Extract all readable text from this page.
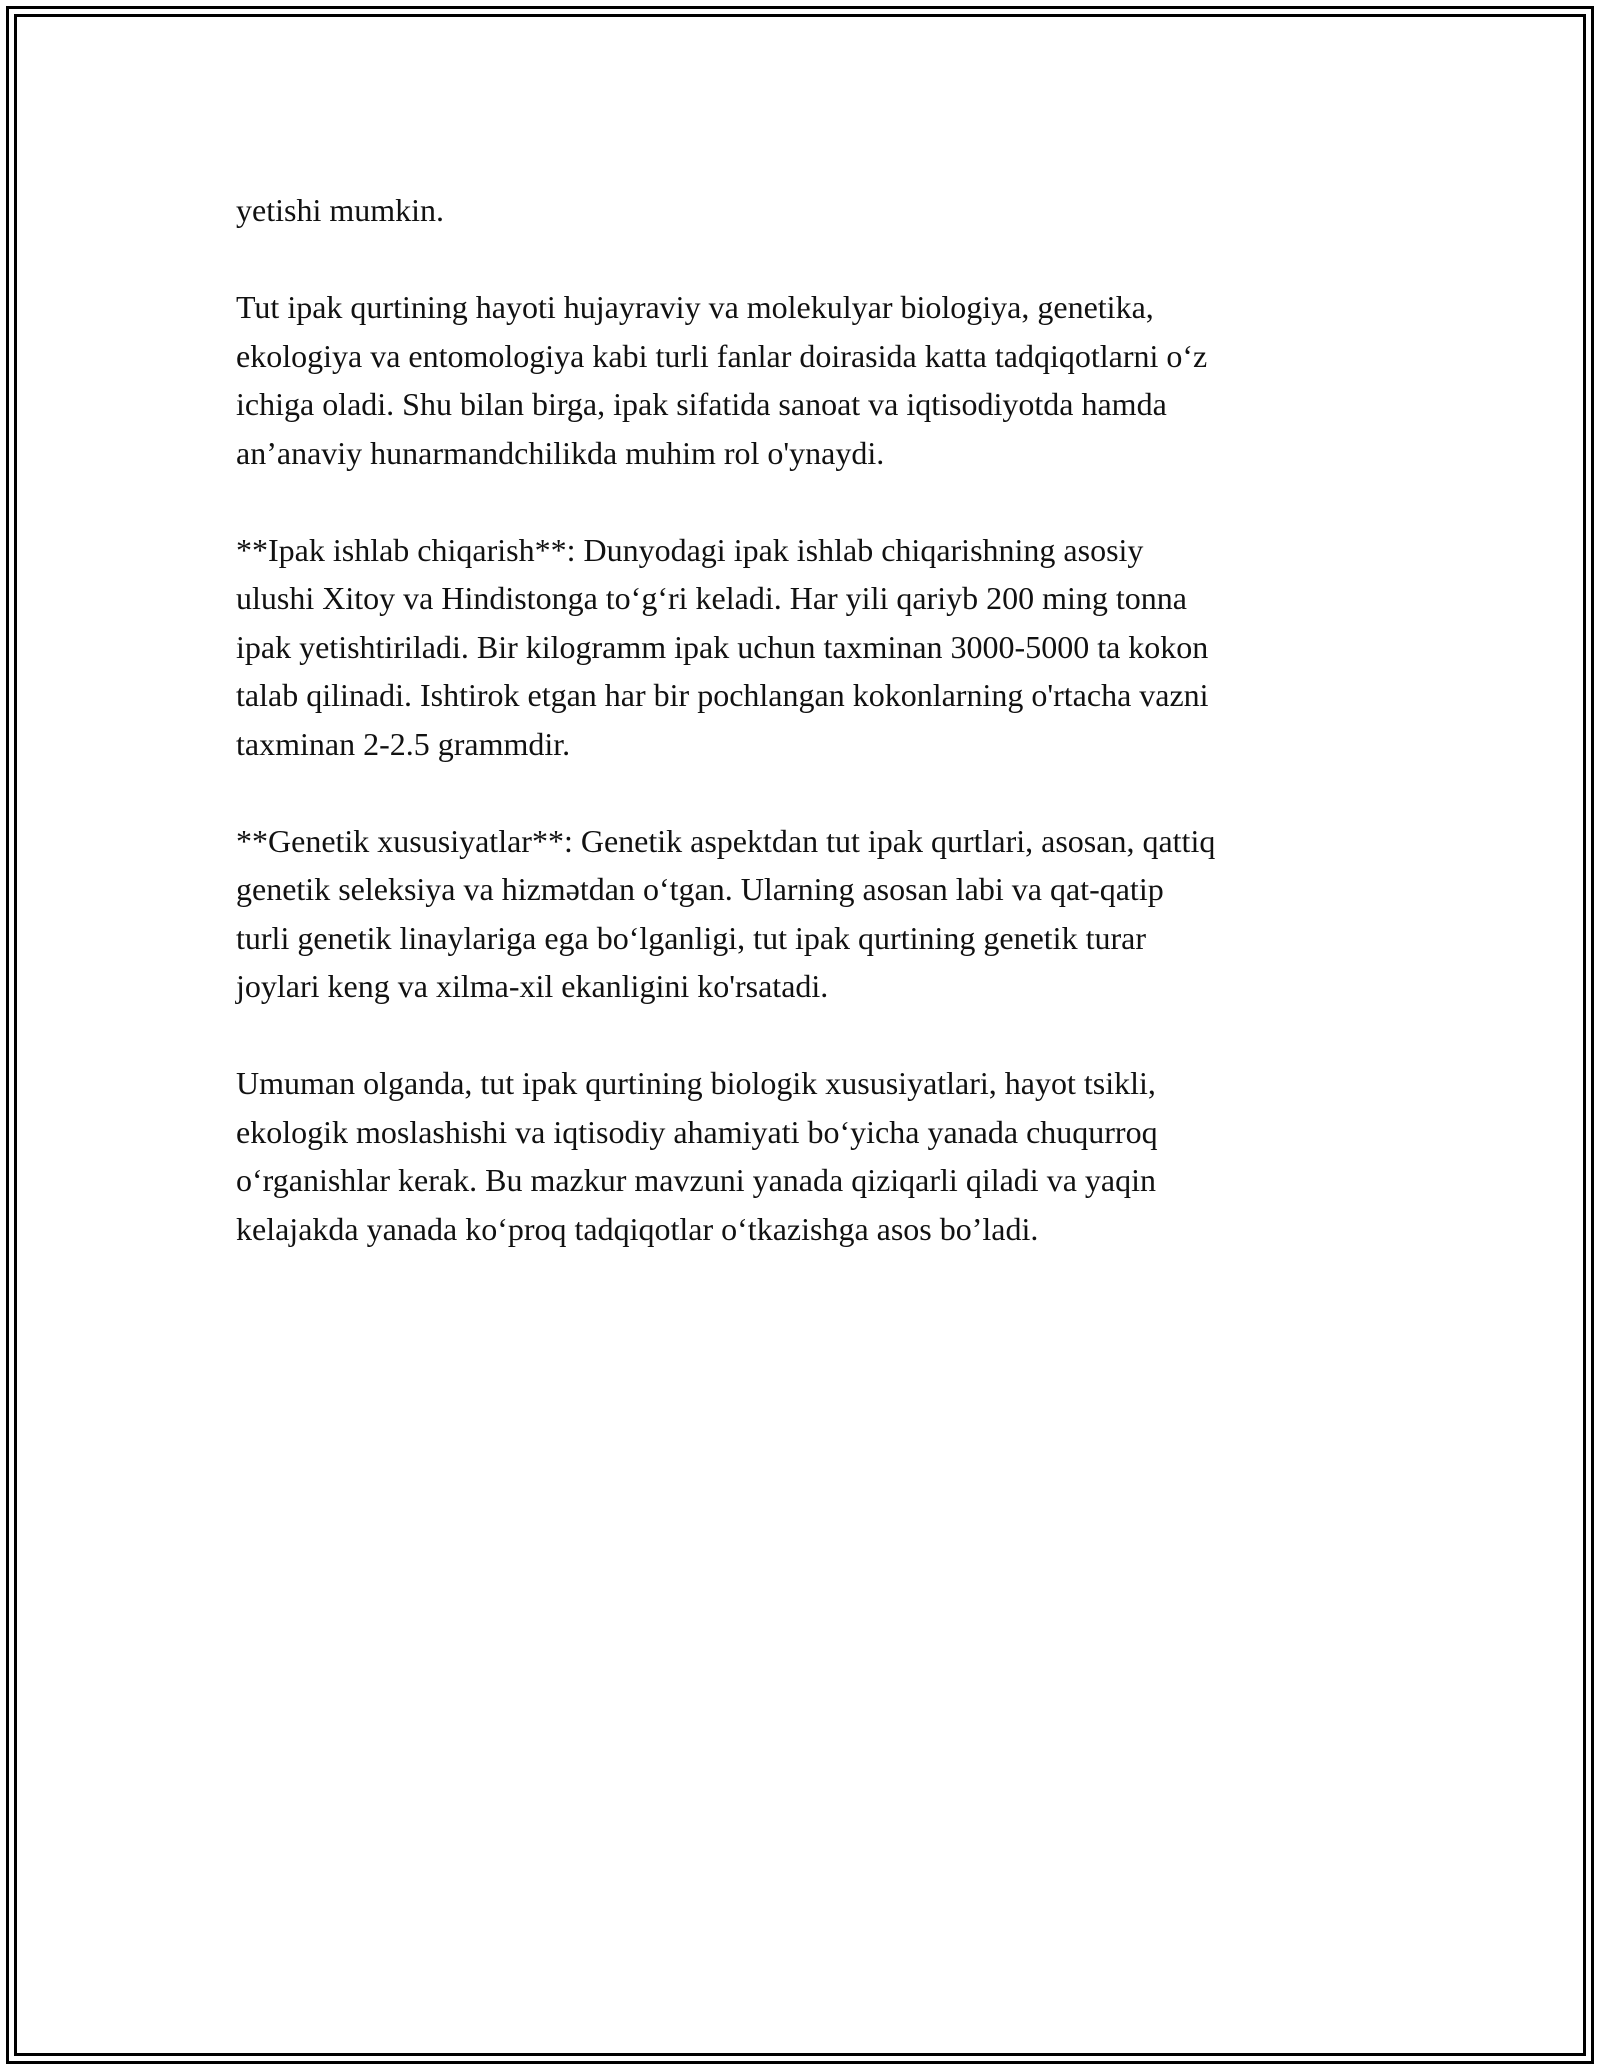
yetishi mumkin.

Tut ipak qurtining hayoti hujayraviy va molekulyar biologiya, genetika,
ekologiya va entomologiya kabi turli fanlar doirasida katta tadqiqotlarni o‘z
ichiga oladi. Shu bilan birga, ipak sifatida sanoat va iqtisodiyotda hamda
an’anaviy hunarmandchilikda muhim rol o'ynaydi.

**Ipak ishlab chiqarish**: Dunyodagi ipak ishlab chiqarishning asosiy
ulushi Xitoy va Hindistonga to‘g‘ri keladi. Har yili qariyb 200 ming tonna
ipak yetishtiriladi. Bir kilogramm ipak uchun taxminan 3000-5000 ta kokon
talab qilinadi. Ishtirok etgan har bir pochlangan kokonlarning o'rtacha vazni
taxminan 2-2.5 grammdir.

**Genetik xususiyatlar**: Genetik aspektdan tut ipak qurtlari, asosan, qattiq
genetik seleksiya va hizmətdan o‘tgan. Ularning asosan labi va qat-qatip
turli genetik linaylariga ega bo‘lganligi, tut ipak qurtining genetik turar
joylari keng va xilma-xil ekanligini ko'rsatadi.

Umuman olganda, tut ipak qurtining biologik xususiyatlari, hayot tsikli,
ekologik moslashishi va iqtisodiy ahamiyati bo‘yicha yanada chuqurroq
o‘rganishlar kerak. Bu mazkur mavzuni yanada qiziqarli qiladi va yaqin
kelajakda yanada ko‘proq tadqiqotlar o‘tkazishga asos bo’ladi.
